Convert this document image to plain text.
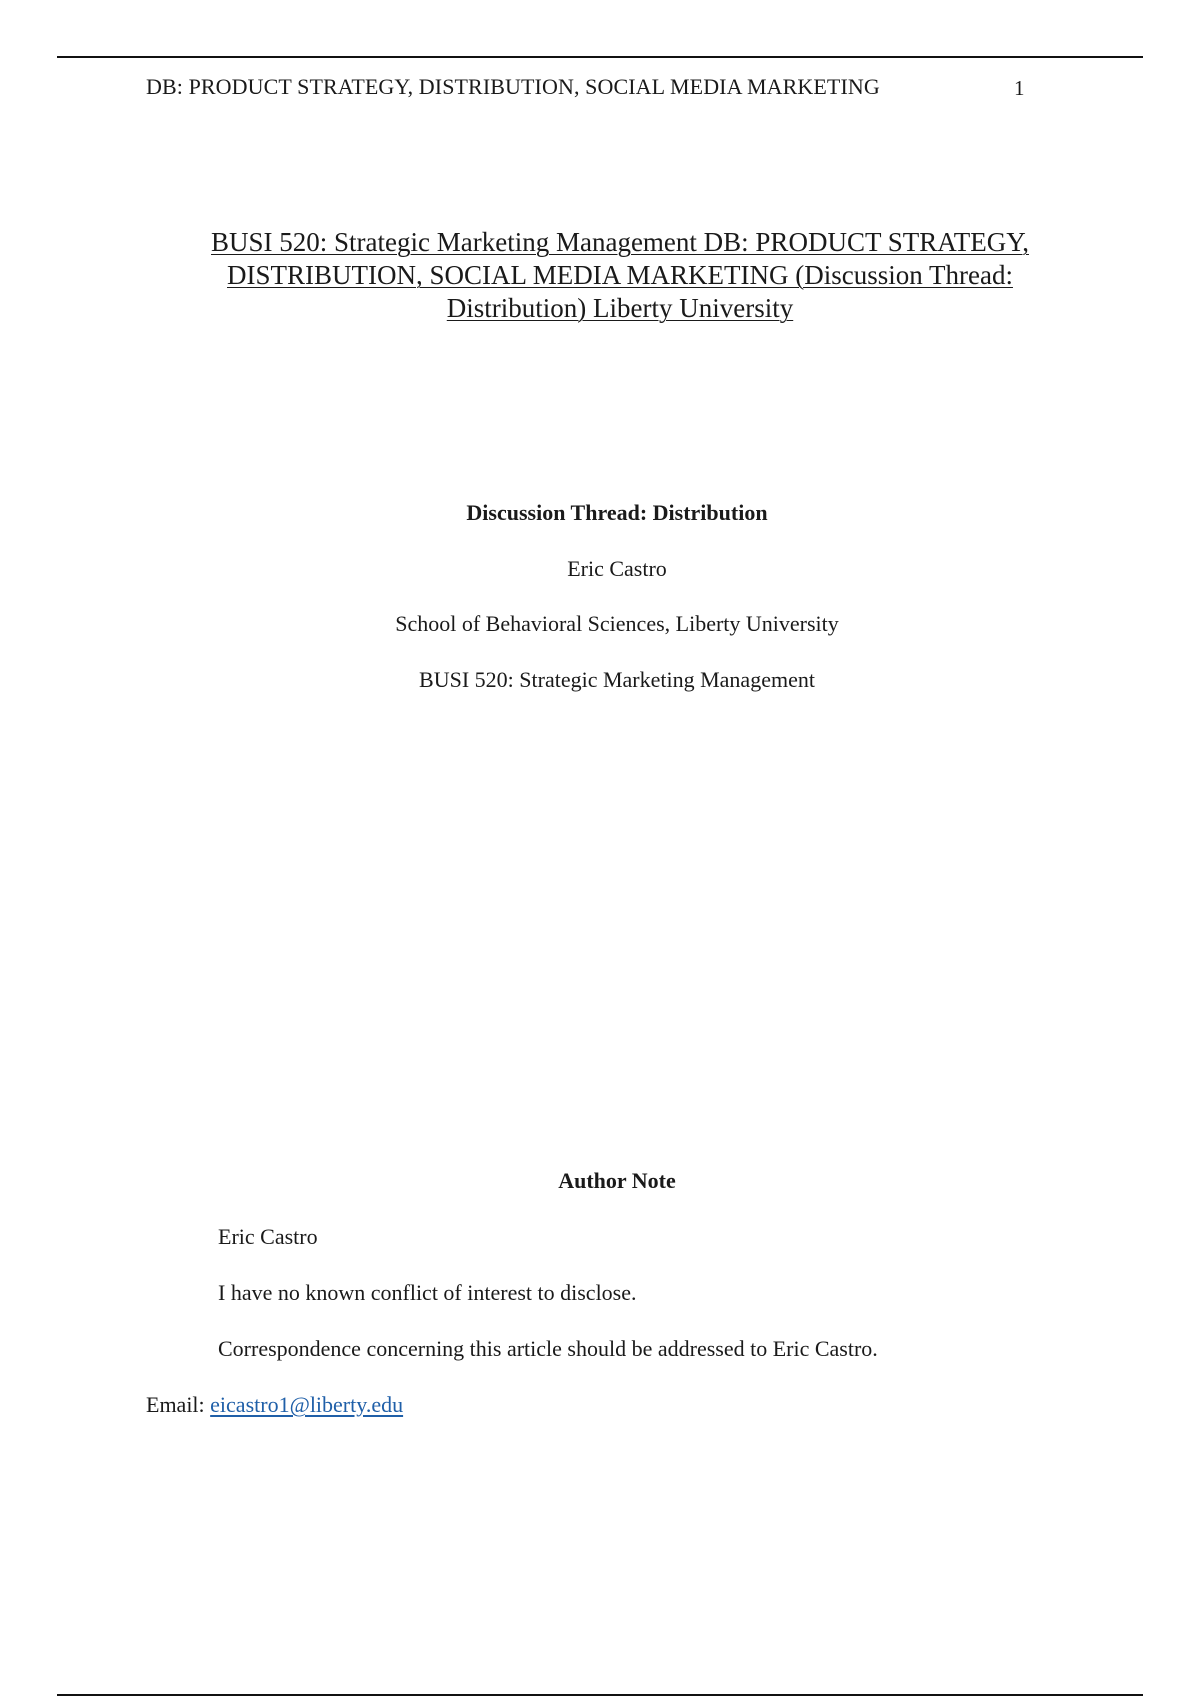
DB: PRODUCT STRATEGY, DISTRIBUTION, SOCIAL MEDIA MARKETING	1
BUSI 520: Strategic Marketing Management DB: PRODUCT STRATEGY,
DISTRIBUTION, SOCIAL MEDIA MARKETING (Discussion Thread:
Distribution) Liberty University
Discussion Thread: Distribution
Eric Castro
School of Behavioral Sciences, Liberty University
BUSI 520: Strategic Marketing Management
Author Note
Eric Castro
I have no known conflict of interest to disclose.
Correspondence concerning this article should be addressed to Eric Castro.
Email: eicastro1@liberty.edu
